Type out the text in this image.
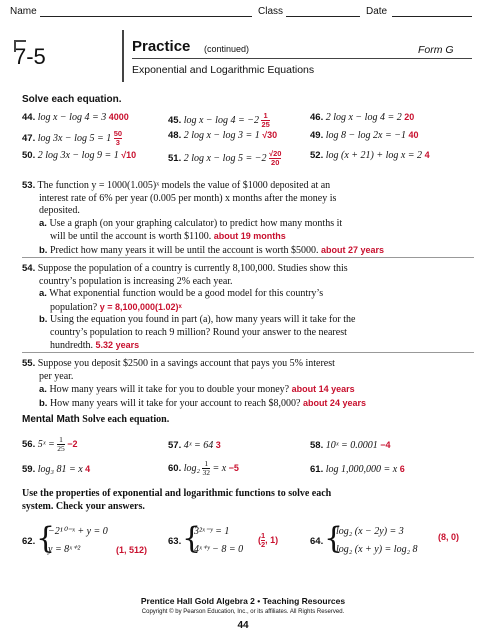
Name	Class	Date
7-5	Practice (continued)	Form G
Exponential and Logarithmic Equations
Solve each equation.
44. log x − log 4 = 3 4000	45. $\log x - \log 4 = -2 \frac{1}{25}$	46. 2 log x − log 4 = 2 20
47. $\log 3x - \log 5 = 1 \frac{50}{3}$	48. 2 log x − log 3 = 1 √30	49. log 8 − log 2x = −1 40
50. 2 log 3x − log 9 = 1 √10	51. 2 $\log x - \log 5 = -2 \frac{√20}{20}$	52. log (x + 21) + log x = 2 4
53. The function y = 1000(1.005)ˣ models the value of $1000 deposited at an
interest rate of 6% per year (0.005 per month) x months after the money is
deposited.
a. Use a graph (on your graphing calculator) to predict how many months it
will be until the account is worth $1100. about 19 months
b. Predict how many years it will be until the account is worth $5000. about 27 years
54. Suppose the population of a country is currently 8,100,000. Studies show this
country’s population is increasing 2% each year.
a. What exponential function would be a good model for this country’s
population? y = 8,100,000(1.02)ˣ
b. Using the equation you found in part (a), how many years will it take for the
country’s population to reach 9 million? Round your answer to the nearest
hundredth. 5.32 years
55. Suppose you deposit $2500 in a savings account that pays you 5% interest
per year.
a. How many years will it take for you to double your money? about 14 years
b. How many years will it take for your account to reach $8,000? about 24 years
Mental Math Solve each equation.
56. 5ˣ = $\frac{1}{25} -2$	57. 4ˣ = 64 3	58. 10ˣ = 0.0001 −4
59. log₃ 81 = x 4	60. $\log_2 \frac{1}{32} = x -5$	61. log 1,000,000 = x 6
Use the properties of exponential and logarithmic functions to solve each
system. Check your answers.
62. {
−2¹⁰⁻ˣ + y = 0
y = 8ˣ⁺²	(1, 512)
63. {
3²ˣ⁻ʸ = 1
4ˣ⁺ʸ − 8 = 0
( $\frac{1}{2}$ , 1)	64. {
log₂ (x − 2y) = 3
log₂ (x + y) = log₂ 8
(8, 0)
Prentice Hall Gold Algebra 2 • Teaching Resources
Copyright © by Pearson Education, Inc., or its affiliates. All Rights Reserved.
44
